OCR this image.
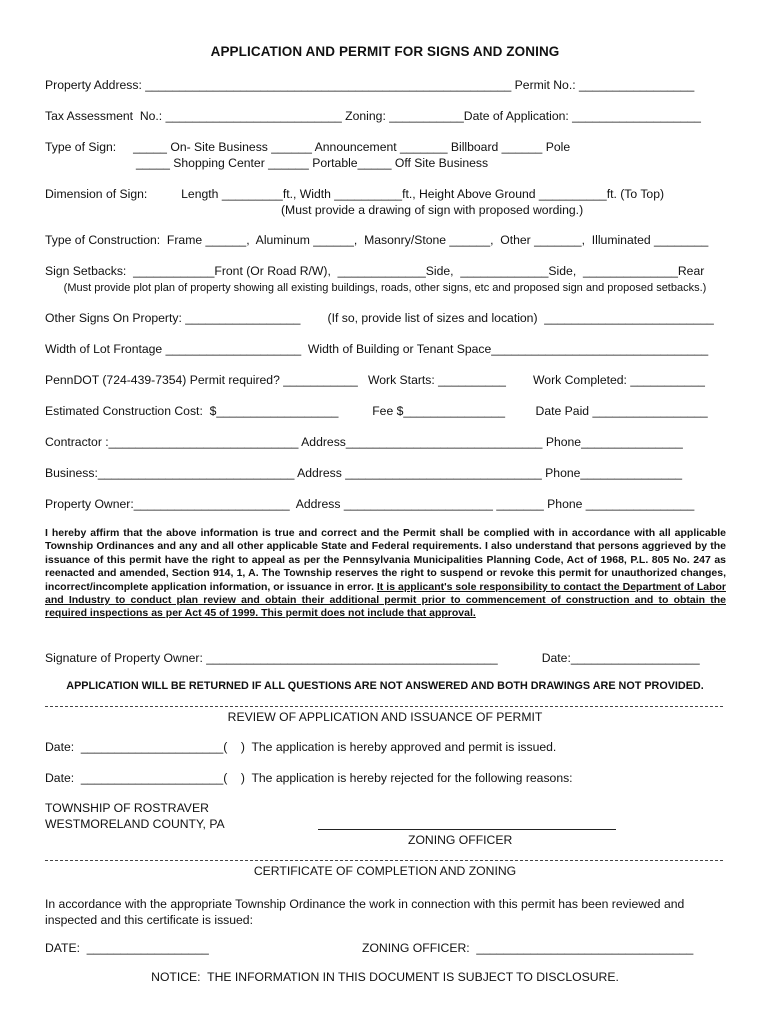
APPLICATION AND PERMIT FOR SIGNS AND ZONING

Property Address: ______________________________________________________ Permit No.: _________________

Tax Assessment  No.: __________________________ Zoning: ___________Date of Application: ___________________

Type of Sign:     _____ On- Site Business ______ Announcement _______ Billboard ______ Pole

_____ Shopping Center ______ Portable_____ Off Site Business

Dimension of Sign:          Length _________ft., Width __________ft., Height Above Ground __________ft. (To Top)

(Must provide a drawing of sign with proposed wording.)

Type of Construction:  Frame ______,  Aluminum ______,  Masonry/Stone ______,  Other _______,  Illuminated ________

Sign Setbacks:  ____________Front (Or Road R/W),  _____________Side,  _____________Side,  ______________Rear

(Must provide plot plan of property showing all existing buildings, roads, other signs, etc and proposed sign and proposed setbacks.)

Other Signs On Property: _________________        (If so, provide list of sizes and location)  _________________________

Width of Lot Frontage ____________________  Width of Building or Tenant Space________________________________

PennDOT (724-439-7354) Permit required? ___________   Work Starts: __________        Work Completed: ___________

Estimated Construction Cost:  $__________________          Fee $_______________         Date Paid _________________

Contractor :____________________________ Address_____________________________ Phone_______________

Business:_____________________________ Address _____________________________ Phone_______________

Property Owner:_______________________  Address ______________________ _______ Phone ________________

I hereby affirm that the above information is true and correct and the Permit shall be complied with in accordance with all applicable Township Ordinances and any and all other applicable State and Federal requirements. I also understand that persons aggrieved by the issuance of this permit have the right to appeal as per the Pennsylvania Municipalities Planning Code, Act of 1968, P.L. 805 No. 247 as reenacted and amended, Section 914, 1, A. The Township reserves the right to suspend or revoke this permit for unauthorized changes, incorrect/incomplete application information, or issuance in error. It is applicant's sole responsibility to contact the Department of Labor and Industry to conduct plan review and obtain their additional permit prior to commencement of construction and to obtain the required inspections as per Act 45 of 1999. This permit does not include that approval.

Signature of Property Owner: ___________________________________________             Date:___________________

APPLICATION WILL BE RETURNED IF ALL QUESTIONS ARE NOT ANSWERED AND BOTH DRAWINGS ARE NOT PROVIDED.

REVIEW OF APPLICATION AND ISSUANCE OF PERMIT

Date:  _____________________(    )  The application is hereby approved and permit is issued.

Date:  _____________________(    )  The application is hereby rejected for the following reasons:

TOWNSHIP OF ROSTRAVER

WESTMORELAND COUNTY, PA

ZONING OFFICER

CERTIFICATE OF COMPLETION AND ZONING

In accordance with the appropriate Township Ordinance the work in connection with this permit has been reviewed and inspected and this certificate is issued:

DATE:  __________________	ZONING OFFICER:  ________________________________

NOTICE:  THE INFORMATION IN THIS DOCUMENT IS SUBJECT TO DISCLOSURE.
